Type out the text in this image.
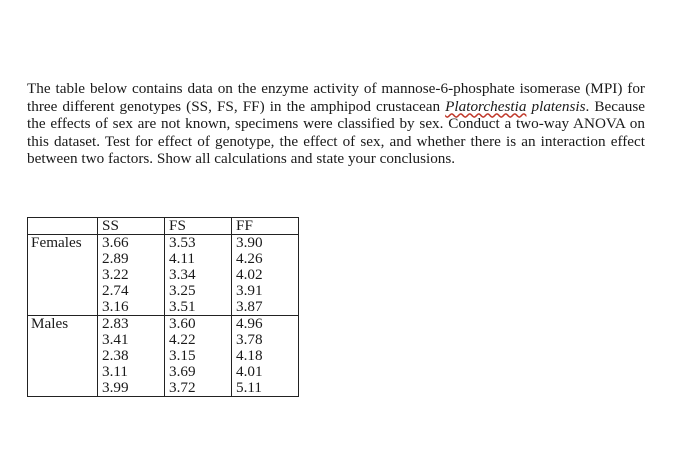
The table below contains data on the enzyme activity of mannose-6-phosphate isomerase (MPI) for three different genotypes (SS, FS, FF) in the amphipod crustacean Platorchestia platensis. Because the effects of sex are not known, specimens were classified by sex. Conduct a two-way ANOVA on this dataset. Test for effect of genotype, the effect of sex, and whether there is an interaction effect between two factors. Show all calculations and state your conclusions.
	SS	FS	FF
Females	3.66	3.53	3.90
	2.89	4.11	4.26
	3.22	3.34	4.02
	2.74	3.25	3.91
	3.16	3.51	3.87
Males	2.83	3.60	4.96
	3.41	4.22	3.78
	2.38	3.15	4.18
	3.11	3.69	4.01
	3.99	3.72	5.11
